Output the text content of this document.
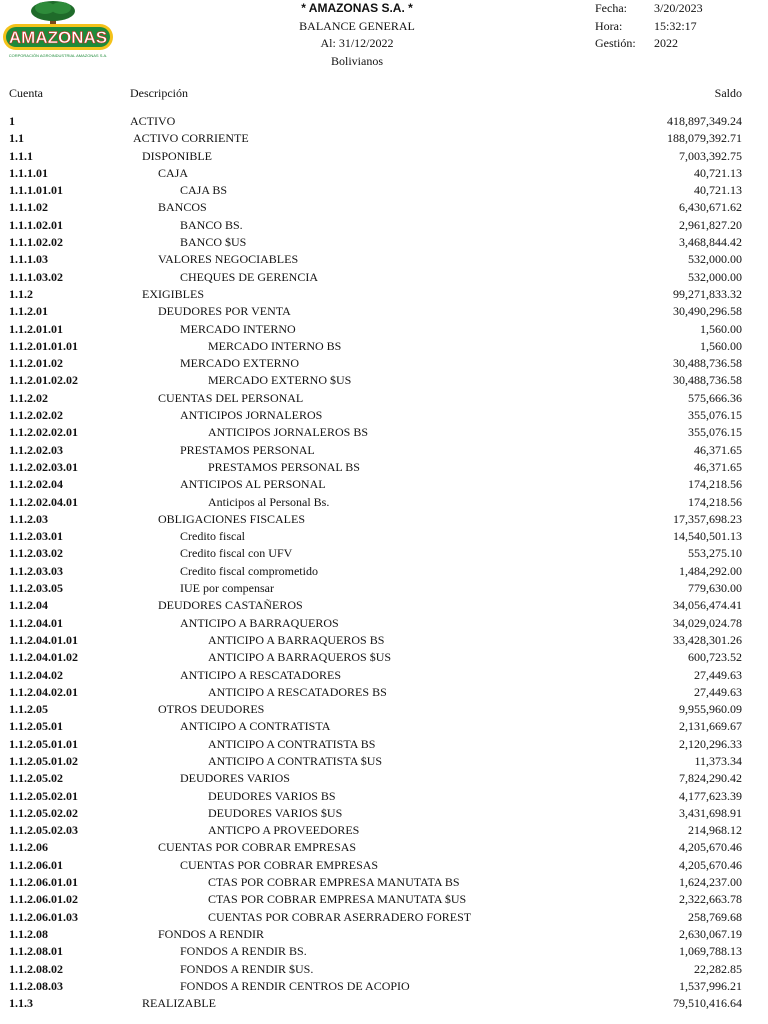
AMAZONAS
CORPORACIÓN AGROINDUSTRIAL AMAZONAS S.A.
* AMAZONAS S.A. *
BALANCE GENERAL
Al: 31/12/2022
Bolivianos
Fecha:	3/20/2023
Hora:	15:32:17
Gestión:	2022
Cuenta	Descripción	Saldo
1	ACTIVO	418,897,349.24
1.1	ACTIVO CORRIENTE	188,079,392.71
1.1.1	DISPONIBLE	7,003,392.75
1.1.1.01	CAJA	40,721.13
1.1.1.01.01	CAJA BS	40,721.13
1.1.1.02	BANCOS	6,430,671.62
1.1.1.02.01	BANCO BS.	2,961,827.20
1.1.1.02.02	BANCO $US	3,468,844.42
1.1.1.03	VALORES NEGOCIABLES	532,000.00
1.1.1.03.02	CHEQUES DE GERENCIA	532,000.00
1.1.2	EXIGIBLES	99,271,833.32
1.1.2.01	DEUDORES POR VENTA	30,490,296.58
1.1.2.01.01	MERCADO INTERNO	1,560.00
1.1.2.01.01.01	MERCADO INTERNO BS	1,560.00
1.1.2.01.02	MERCADO EXTERNO	30,488,736.58
1.1.2.01.02.02	MERCADO EXTERNO $US	30,488,736.58
1.1.2.02	CUENTAS DEL PERSONAL	575,666.36
1.1.2.02.02	ANTICIPOS JORNALEROS	355,076.15
1.1.2.02.02.01	ANTICIPOS JORNALEROS BS	355,076.15
1.1.2.02.03	PRESTAMOS PERSONAL	46,371.65
1.1.2.02.03.01	PRESTAMOS PERSONAL BS	46,371.65
1.1.2.02.04	ANTICIPOS AL PERSONAL	174,218.56
1.1.2.02.04.01	Anticipos al Personal Bs.	174,218.56
1.1.2.03	OBLIGACIONES FISCALES	17,357,698.23
1.1.2.03.01	Credito fiscal	14,540,501.13
1.1.2.03.02	Credito fiscal con UFV	553,275.10
1.1.2.03.03	Credito fiscal comprometido	1,484,292.00
1.1.2.03.05	IUE por compensar	779,630.00
1.1.2.04	DEUDORES CASTAÑEROS	34,056,474.41
1.1.2.04.01	ANTICIPO A BARRAQUEROS	34,029,024.78
1.1.2.04.01.01	ANTICIPO A BARRAQUEROS BS	33,428,301.26
1.1.2.04.01.02	ANTICIPO A BARRAQUEROS $US	600,723.52
1.1.2.04.02	ANTICIPO A RESCATADORES	27,449.63
1.1.2.04.02.01	ANTICIPO A RESCATADORES BS	27,449.63
1.1.2.05	OTROS DEUDORES	9,955,960.09
1.1.2.05.01	ANTICIPO A CONTRATISTA	2,131,669.67
1.1.2.05.01.01	ANTICIPO A CONTRATISTA BS	2,120,296.33
1.1.2.05.01.02	ANTICIPO A CONTRATISTA $US	11,373.34
1.1.2.05.02	DEUDORES VARIOS	7,824,290.42
1.1.2.05.02.01	DEUDORES VARIOS BS	4,177,623.39
1.1.2.05.02.02	DEUDORES VARIOS $US	3,431,698.91
1.1.2.05.02.03	ANTICPO A PROVEEDORES	214,968.12
1.1.2.06	CUENTAS POR COBRAR EMPRESAS	4,205,670.46
1.1.2.06.01	CUENTAS POR COBRAR EMPRESAS	4,205,670.46
1.1.2.06.01.01	CTAS POR COBRAR EMPRESA MANUTATA BS	1,624,237.00
1.1.2.06.01.02	CTAS POR COBRAR EMPRESA MANUTATA $US	2,322,663.78
1.1.2.06.01.03	CUENTAS POR COBRAR ASERRADERO FOREST	258,769.68
1.1.2.08	FONDOS A RENDIR	2,630,067.19
1.1.2.08.01	FONDOS A RENDIR BS.	1,069,788.13
1.1.2.08.02	FONDOS A RENDIR $US.	22,282.85
1.1.2.08.03	FONDOS A RENDIR CENTROS DE ACOPIO	1,537,996.21
1.1.3	REALIZABLE	79,510,416.64
